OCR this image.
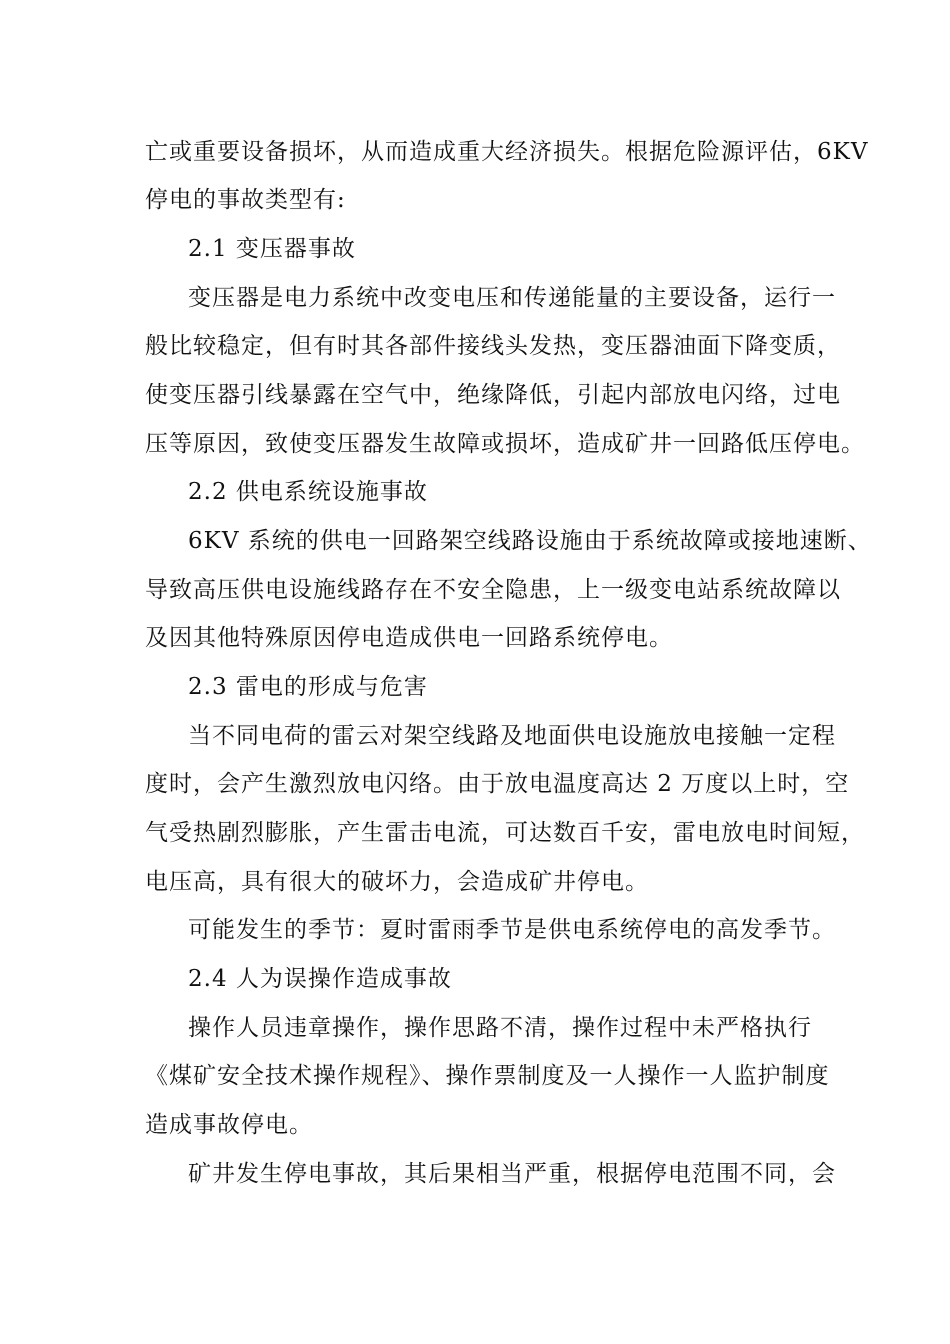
亡或重要设备损坏，从而造成重大经济损失。根据危险源评估，6KV
停电的事故类型有:
2.1 变压器事故
变压器是电力系统中改变电压和传递能量的主要设备，运行一
般比较稳定，但有时其各部件接线头发热，变压器油面下降变质，
使变压器引线暴露在空气中，绝缘降低，引起内部放电闪络，过电
压等原因，致使变压器发生故障或损坏，造成矿井一回路低压停电。
2.2 供电系统设施事故
6KV 系统的供电一回路架空线路设施由于系统故障或接地速断、
导致高压供电设施线路存在不安全隐患，上一级变电站系统故障以
及因其他特殊原因停电造成供电一回路系统停电。
2.3 雷电的形成与危害
当不同电荷的雷云对架空线路及地面供电设施放电接触一定程
度时，会产生激烈放电闪络。由于放电温度高达 2 万度以上时，空
气受热剧烈膨胀，产生雷击电流，可达数百千安，雷电放电时间短，
电压高，具有很大的破坏力，会造成矿井停电。
可能发生的季节：夏时雷雨季节是供电系统停电的高发季节。
2.4 人为误操作造成事故
操作人员违章操作，操作思路不清，操作过程中未严格执行
《煤矿安全技术操作规程》、操作票制度及一人操作一人监护制度
造成事故停电。
矿井发生停电事故，其后果相当严重，根据停电范围不同，会
